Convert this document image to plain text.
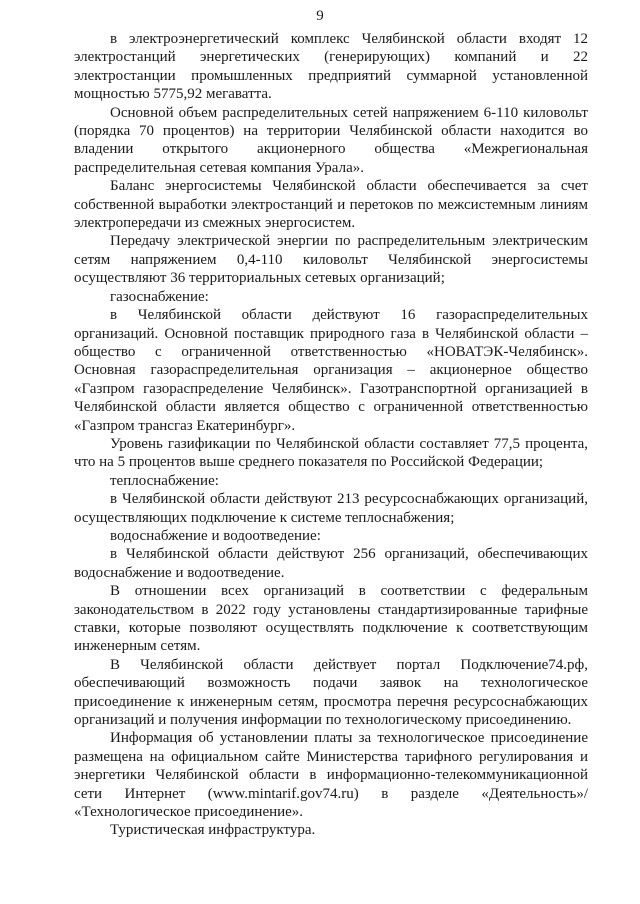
9

в электроэнергетический комплекс Челябинской области входят 12 электростанций энергетических (генерирующих) компаний и 22 электростанции промышленных предприятий суммарной установленной мощностью 5775,92 мегаватта.

Основной объем распределительных сетей напряжением 6-110 киловольт (порядка 70 процентов) на территории Челябинской области находится во владении открытого акционерного общества «Межрегиональная распределительная сетевая компания Урала».

Баланс энергосистемы Челябинской области обеспечивается за счет собственной выработки электростанций и перетоков по межсистемным линиям электропередачи из смежных энергосистем.

Передачу электрической энергии по распределительным электрическим сетям напряжением 0,4-110 киловольт Челябинской энергосистемы осуществляют 36 территориальных сетевых организаций;

газоснабжение:

в Челябинской области действуют 16 газораспределительных организаций. Основной поставщик природного газа в Челябинской области – общество с ограниченной ответственностью «НОВАТЭК-Челябинск». Основная газораспределительная организация – акционерное общество «Газпром газораспределение Челябинск». Газотранспортной организацией в Челябинской области является общество с ограниченной ответственностью «Газпром трансгаз Екатеринбург».

Уровень газификации по Челябинской области составляет 77,5 процента, что на 5 процентов выше среднего показателя по Российской Федерации;

теплоснабжение:

в Челябинской области действуют 213 ресурсоснабжающих организаций, осуществляющих подключение к системе теплоснабжения;

водоснабжение и водоотведение:

в Челябинской области действуют 256 организаций, обеспечивающих водоснабжение и водоотведение.

В отношении всех организаций в соответствии с федеральным законодательством в 2022 году установлены стандартизированные тарифные ставки, которые позволяют осуществлять подключение к соответствующим инженерным сетям.

В Челябинской области действует портал Подключение74.рф, обеспечивающий возможность подачи заявок на технологическое присоединение к инженерным сетям, просмотра перечня ресурсоснабжающих организаций и получения информации по технологическому присоединению.

Информация об установлении платы за технологическое присоединение размещена на официальном сайте Министерства тарифного регулирования и энергетики Челябинской области в информационно-телекоммуникационной сети Интернет (www.mintarif.gov74.ru) в разделе «Деятельность»/ «Технологическое присоединение».

Туристическая инфраструктура.
